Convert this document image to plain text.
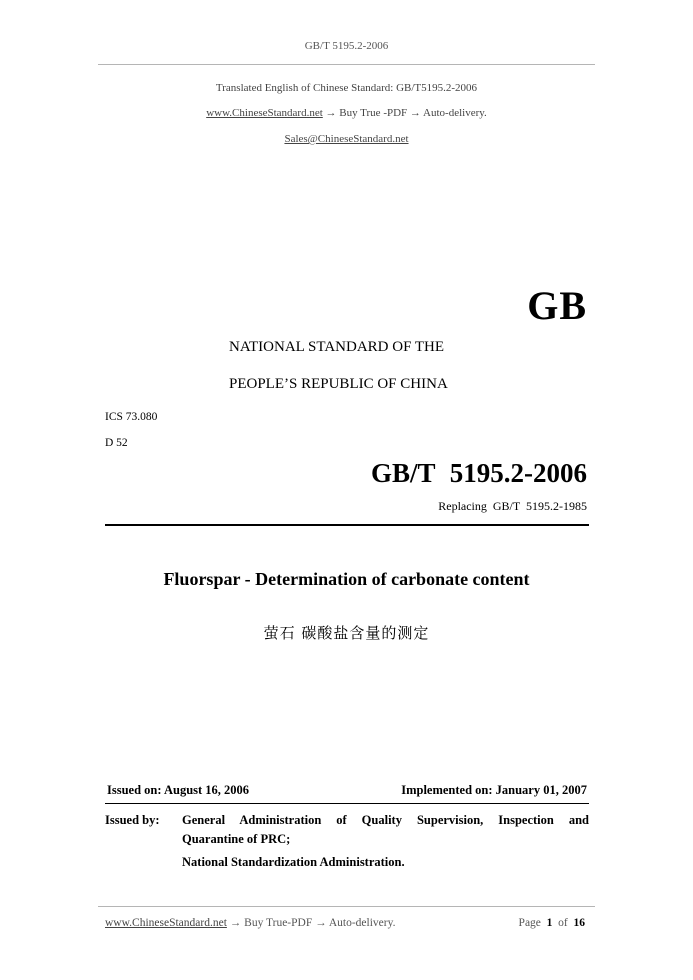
GB/T 5195.2-2006
Translated English of Chinese Standard: GB/T5195.2-2006
www.ChineseStandard.net → Buy True -PDF → Auto-delivery.
Sales@ChineseStandard.net
GB
NATIONAL STANDARD OF THE
PEOPLE’S REPUBLIC OF CHINA
ICS 73.080
D 52
GB/T 5195.2-2006
Replacing GB/T 5195.2-1985
Fluorspar - Determination of carbonate content
萤石 碳酸盐含量的测定
Issued on: August 16, 2006	Implemented on: January 01, 2007
Issued by:	General Administration of Quality Supervision, Inspection and
Quarantine of PRC;
National Standardization Administration.
www.ChineseStandard.net → Buy True-PDF → Auto-delivery.	Page 1 of 16
